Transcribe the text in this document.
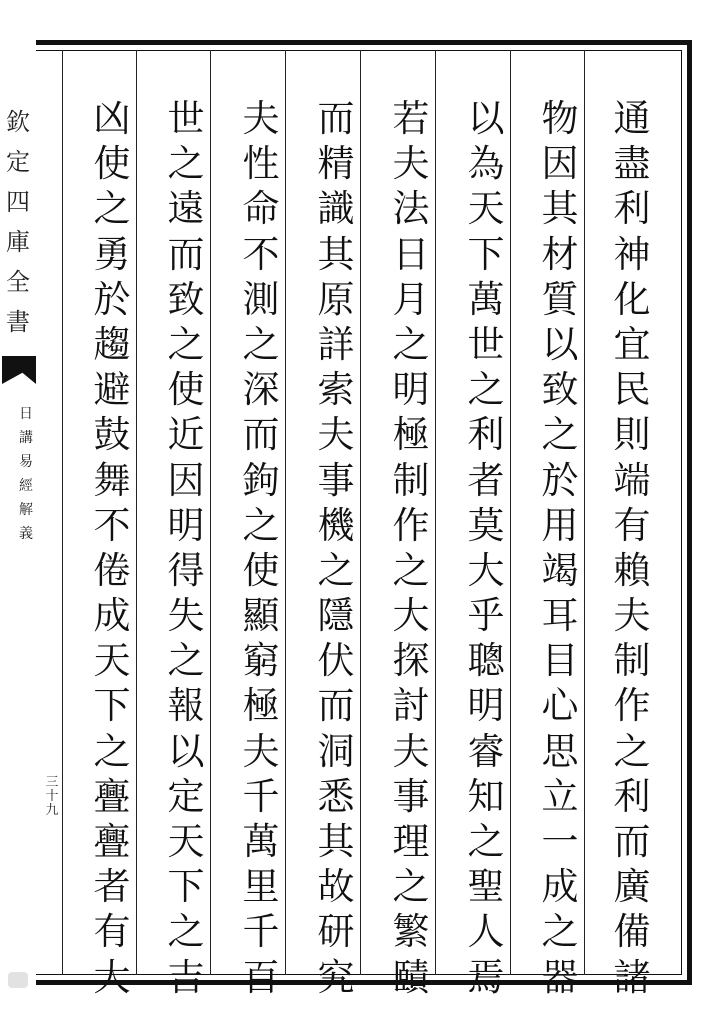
欽
定
四
庫
全
書
日
講
易
經
解
義
通
盡
利
神
化
宜
民
則
端
有
賴
夫
制
作
之
利
而
廣
備
諸
物
因
其
材
質
以
致
之
於
用
竭
耳
目
心
思
立
一
成
之
器
以
為
天
下
萬
世
之
利
者
莫
大
乎
聰
明
睿
知
之
聖
人
焉
若
夫
法
日
月
之
明
極
制
作
之
大
探
討
夫
事
理
之
繁
賾
而
精
識
其
原
詳
索
夫
事
機
之
隱
伏
而
洞
悉
其
故
研
究
夫
性
命
不
測
之
深
而
鉤
之
使
顯
窮
極
夫
千
萬
里
千
百
世
之
遠
而
致
之
使
近
因
明
得
失
之
報
以
定
天
下
之
吉
凶
使
之
勇
於
趨
避
鼓
舞
不
倦
成
天
下
之
亹
亹
者
有
大
三
十
九
